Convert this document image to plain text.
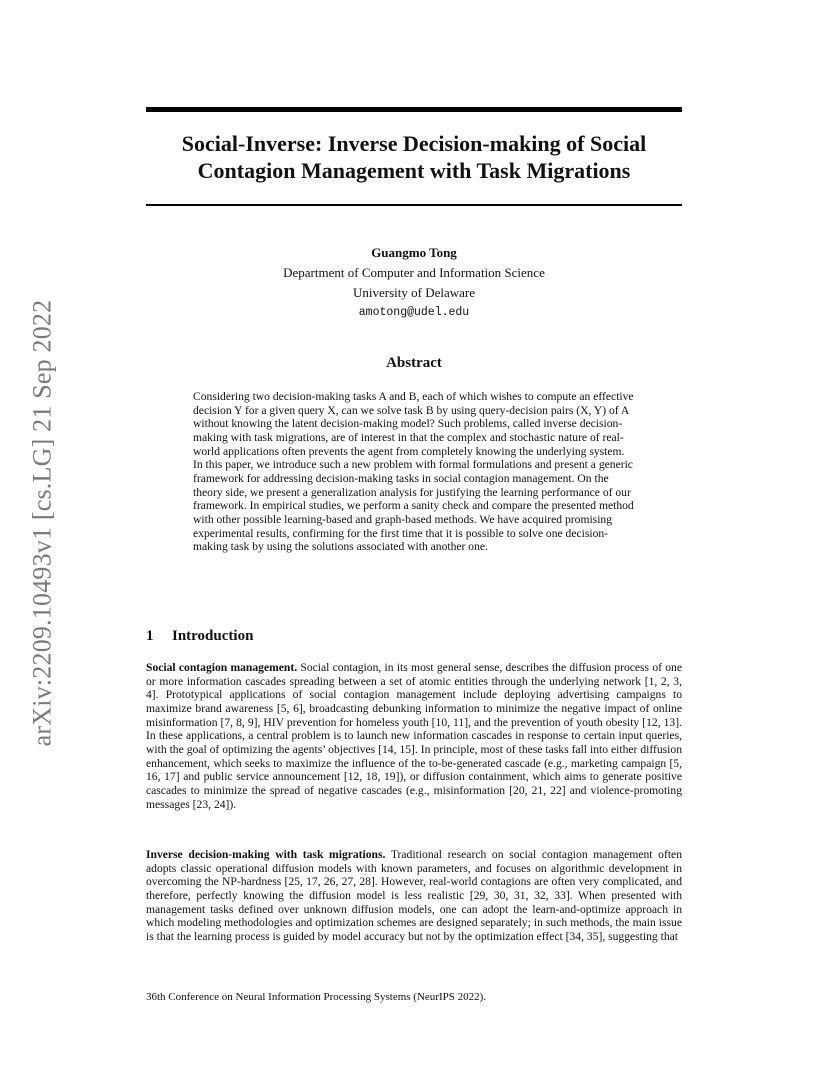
arXiv:2209.10493v1 [cs.LG] 21 Sep 2022
Social-Inverse: Inverse Decision-making of Social
Contagion Management with Task Migrations
Guangmo Tong
Department of Computer and Information Science
University of Delaware
amotong@udel.edu
Abstract

Considering two decision-making tasks A and B, each of which wishes to compute an effective decision Y for a given query X, can we solve task B by using query-decision pairs (X, Y) of A without knowing the latent decision-making model? Such problems, called inverse decision-making with task migrations, are of interest in that the complex and stochastic nature of real-world applications often prevents the agent from completely knowing the underlying system. In this paper, we introduce such a new problem with formal formulations and present a generic framework for addressing decision-making tasks in social contagion management. On the theory side, we present a generalization analysis for justifying the learning performance of our framework. In empirical studies, we perform a sanity check and compare the presented method with other possible learning-based and graph-based methods. We have acquired promising experimental results, confirming for the first time that it is possible to solve one decision-making task by using the solutions associated with another one.

1 Introduction

Social contagion management. Social contagion, in its most general sense, describes the diffusion process of one or more information cascades spreading between a set of atomic entities through the underlying network [1, 2, 3, 4]. Prototypical applications of social contagion management include deploying advertising campaigns to maximize brand awareness [5, 6], broadcasting debunking information to minimize the negative impact of online misinformation [7, 8, 9], HIV prevention for homeless youth [10, 11], and the prevention of youth obesity [12, 13]. In these applications, a central problem is to launch new information cascades in response to certain input queries, with the goal of optimizing the agents’ objectives [14, 15]. In principle, most of these tasks fall into either diffusion enhancement, which seeks to maximize the influence of the to-be-generated cascade (e.g., marketing campaign [5, 16, 17] and public service announcement [12, 18, 19]), or diffusion containment, which aims to generate positive cascades to minimize the spread of negative cascades (e.g., misinformation [20, 21, 22] and violence-promoting messages [23, 24]).

Inverse decision-making with task migrations. Traditional research on social contagion management often adopts classic operational diffusion models with known parameters, and focuses on algorithmic development in overcoming the NP-hardness [25, 17, 26, 27, 28]. However, real-world contagions are often very complicated, and therefore, perfectly knowing the diffusion model is less realistic [29, 30, 31, 32, 33]. When presented with management tasks defined over unknown diffusion models, one can adopt the learn-and-optimize approach in which modeling methodologies and optimization schemes are designed separately; in such methods, the main issue is that the learning process is guided by model accuracy but not by the optimization effect [34, 35], suggesting that

36th Conference on Neural Information Processing Systems (NeurIPS 2022).
